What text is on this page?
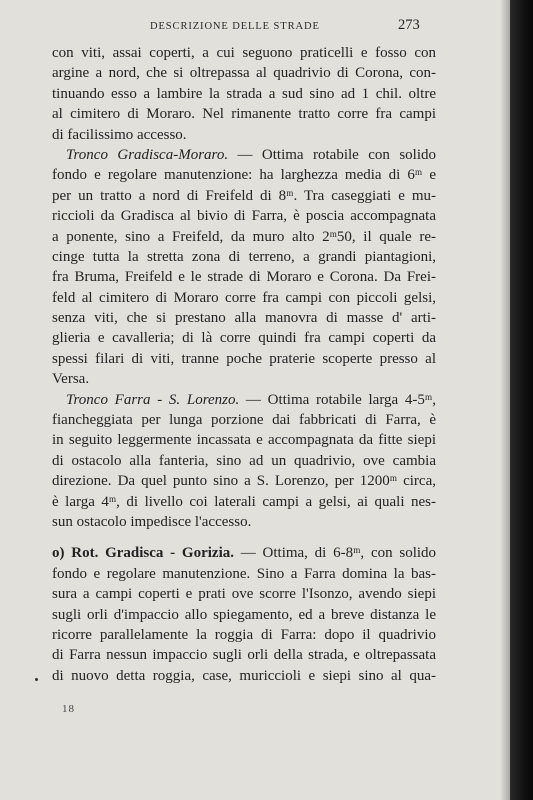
DESCRIZIONE DELLE STRADE	273
con viti, assai coperti, a cui seguono praticelli e fosso con
argine a nord, che si oltrepassa al quadrivio di Corona, con-
tinuando esso a lambire la strada a sud sino ad 1 chil. oltre
al cimitero di Moraro. Nel rimanente tratto corre fra campi
di facilissimo accesso.
Tronco Gradisca-Moraro. — Ottima rotabile con solido
fondo e regolare manutenzione: ha larghezza media di 6ᵐ e
per un tratto a nord di Freifeld di 8ᵐ. Tra caseggiati e mu-
riccioli da Gradisca al bivio di Farra, è poscia accompagnata
a ponente, sino a Freifeld, da muro alto 2ᵐ50, il quale re-
cinge tutta la stretta zona di terreno, a grandi piantagioni,
fra Bruma, Freifeld e le strade di Moraro e Corona. Da Frei-
feld al cimitero di Moraro corre fra campi con piccoli gelsi,
senza viti, che si prestano alla manovra di masse d' arti-
glieria e cavalleria; di là corre quindi fra campi coperti da
spessi filari di viti, tranne poche praterie scoperte presso al
Versa.
Tronco Farra - S. Lorenzo. — Ottima rotabile larga 4-5ᵐ,
fiancheggiata per lunga porzione dai fabbricati di Farra, è
in seguito leggermente incassata e accompagnata da fitte siepi
di ostacolo alla fanteria, sino ad un quadrivio, ove cambia
direzione. Da quel punto sino a S. Lorenzo, per 1200ᵐ circa,
è larga 4ᵐ, di livello coi laterali campi a gelsi, ai quali nes-
sun ostacolo impedisce l'accesso.
o) Rot. Gradisca - Gorizia. — Ottima, di 6-8ᵐ, con solido
fondo e regolare manutenzione. Sino a Farra domina la bas-
sura a campi coperti e prati ove scorre l'Isonzo, avendo siepi
sugli orli d'impaccio allo spiegamento, ed a breve distanza le
ricorre parallelamente la roggia di Farra: dopo il quadrivio
di Farra nessun impaccio sugli orli della strada, e oltrepassata
di nuovo detta roggia, case, muriccioli e siepi sino al qua-
18
